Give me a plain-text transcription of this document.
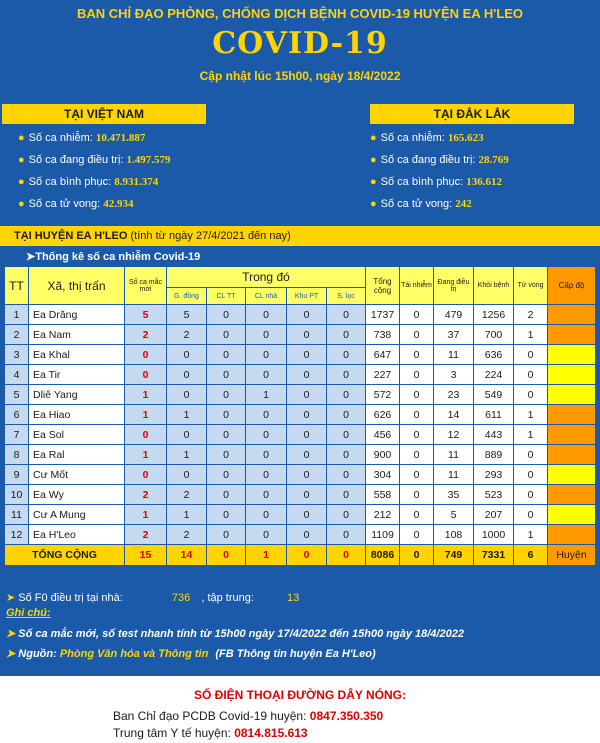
BAN CHỈ ĐẠO PHÒNG, CHỐNG DỊCH BỆNH COVID-19 HUYỆN EA H'LEO
COVID-19
Cập nhật lúc 15h00, ngày 18/4/2022
TẠI VIỆT NAM	TẠI ĐẮK LẮK
● Số ca nhiễm: 10.471.887
● Số ca đang điều trị: 1.497.579
● Số ca bình phục: 8.931.374
● Số ca tử vong: 42.934
● Số ca nhiễm: 165.623
● Số ca đang điều trị: 28.769
● Số ca bình phục: 136.612
● Số ca tử vong: 242
TẠI HUYỆN EA H'LEO (tính từ ngày 27/4/2021 đến nay)
➤Thống kê số ca nhiễm Covid-19
TT	Xã, thị trấn	Số ca mắc mới	Trong đó					Tổng cộng	Tái nhiễm	Đang điều trị	Khỏi bệnh	Tử vong	Cấp độ
			G. đồng	CL TT	CL nhà	Khu PT	S. lọc						
1	Ea Drăng	5	5	0	0	0	0	1737	0	479	1256	2	
2	Ea Nam	2	2	0	0	0	0	738	0	37	700	1	
3	Ea Khal	0	0	0	0	0	0	647	0	11	636	0	
4	Ea Tir	0	0	0	0	0	0	227	0	3	224	0	
5	Dliê Yang	1	0	0	1	0	0	572	0	23	549	0	
6	Ea Hiao	1	1	0	0	0	0	626	0	14	611	1	
7	Ea Sol	0	0	0	0	0	0	456	0	12	443	1	
8	Ea Ral	1	1	0	0	0	0	900	0	11	889	0	
9	Cư Mốt	0	0	0	0	0	0	304	0	11	293	0	
10	Ea Wy	2	2	0	0	0	0	558	0	35	523	0	
11	Cư A Mung	1	1	0	0	0	0	212	0	5	207	0	
12	Ea H'Leo	2	2	0	0	0	0	1109	0	108	1000	1	
TỔNG CỘNG		15	14	0	1	0	0	8086	0	749	7331	6	Huyện
➤ Số F0 điều trị tại nhà:	736 , tập trung:	13
Ghi chú:
➤ Số ca mắc mới, số test nhanh tính từ 15h00 ngày 17/4/2022 đến 15h00 ngày 18/4/2022
➤ Nguồn: Phòng Văn hóa và Thông tin (FB Thông tin huyện Ea H'Leo)
SỐ ĐIỆN THOẠI ĐƯỜNG DÂY NÓNG:
Ban Chỉ đạo PCDB Covid-19 huyện: 0847.350.350
Trung tâm Y tế huyện: 0814.815.613
